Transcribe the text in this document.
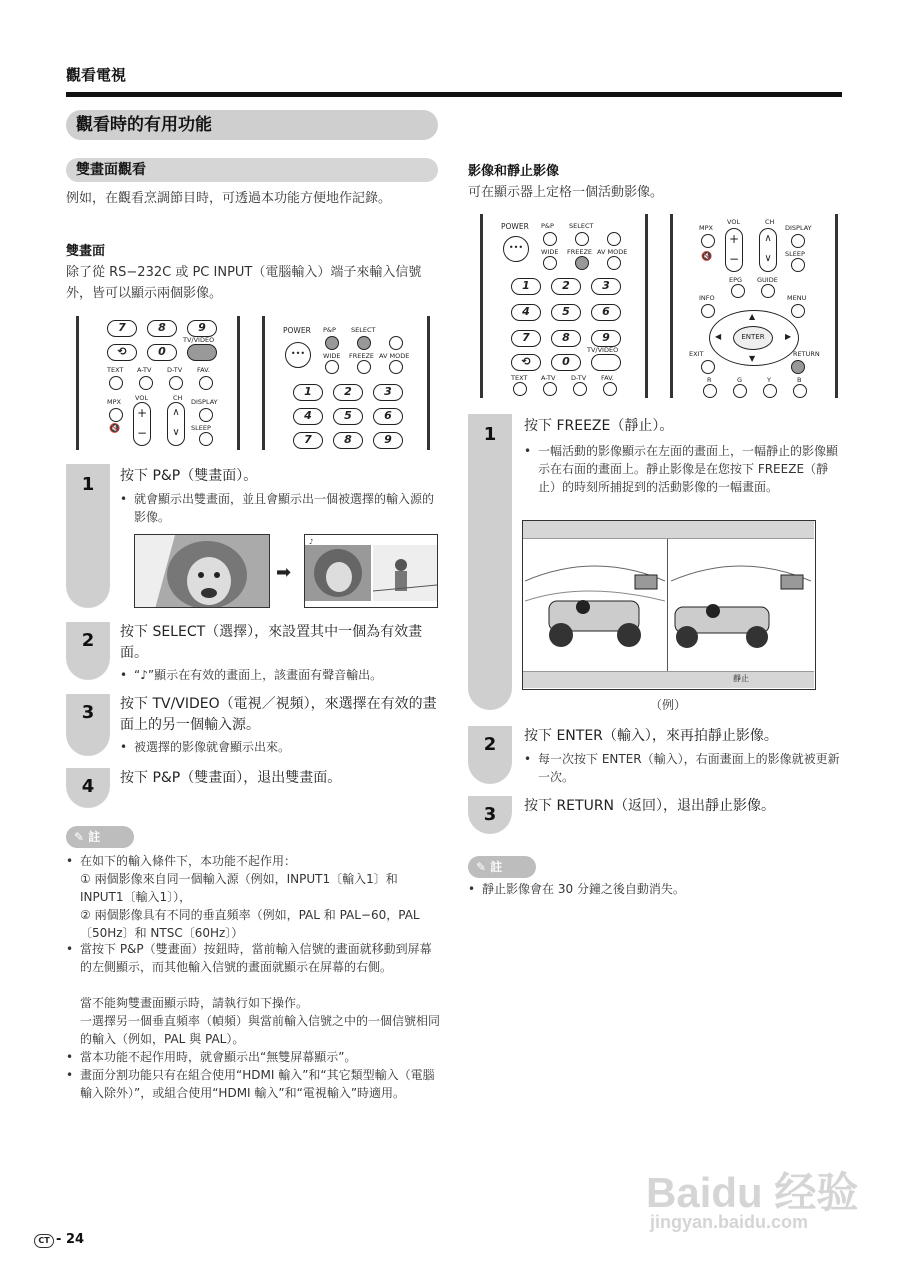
觀看電視
觀看時的有用功能
雙畫面觀看
例如，在觀看烹調節目時，可透過本功能方便地作記錄。
雙畫面
除了從 RS−232C 或 PC INPUT（電腦輸入）端子來輸入信號外，皆可以顯示兩個影像。
7	8	9
⟲	0
TV/VIDEO
TEXT A-TV D-TV FAV.
MPX VOL	CH DISPLAY
+
−
∧
∨
🔇	SLEEP
POWER
•••
P&P SELECT
WIDE FREEZE AV MODE
1	2	3
4	5	6
7	8	9
1	按下 P&P（雙畫面）。
• 就會顯示出雙畫面，並且會顯示出一個被選擇的輸入源的影像。
➡
♪
2	按下 SELECT（選擇），來設置其中一個為有效畫面。
• “♪”顯示在有效的畫面上，該畫面有聲音輸出。
3	按下 TV/VIDEO（電視／視頻），來選擇在有效的畫面上的另一個輸入源。
• 被選擇的影像就會顯示出來。
4	按下 P&P（雙畫面），退出雙畫面。
✎ 註
• 在如下的輸入條件下，本功能不起作用：
① 兩個影像來自同一個輸入源（例如，INPUT1〔輸入1〕和 INPUT1〔輸入1〕），
② 兩個影像具有不同的垂直頻率（例如，PAL 和 PAL−60，PAL〔50Hz〕和 NTSC〔60Hz〕）
• 當按下 P&P（雙畫面）按鈕時，當前輸入信號的畫面就移動到屏幕的左側顯示，而其他輸入信號的畫面就顯示在屏幕的右側。
當不能夠雙畫面顯示時，請執行如下操作。
一選擇另一個垂直頻率（幀頻）與當前輸入信號之中的一個信號相同的輸入（例如，PAL 與 PAL）。
• 當本功能不起作用時，就會顯示出“無雙屏幕顯示”。
• 畫面分割功能只有在組合使用“HDMI 輸入”和“其它類型輸入（電腦輸入除外）”，或組合使用“HDMI 輸入”和“電視輸入”時適用。
影像和靜止影像
可在顯示器上定格一個活動影像。
POWER
•••
P&P SELECT
WIDE FREEZE AV MODE
1	2	3
4	5	6
7	8	9
⟲	0
TV/VIDEO
TEXT A-TV D-TV FAV.
MPX
VOL	CH
DISPLAY
+
−
∧
∨
🔇	SLEEP
EPG GUIDE
INFO	MENU
ENTER
▲
▼
◀	▶
EXIT	RETURN
R	G	Y	B
1	按下 FREEZE（靜止）。
• 一幅活動的影像顯示在左面的畫面上，一幅靜止的影像顯示在右面的畫面上。靜止影像是在您按下 FREEZE（靜止）的時刻所捕捉到的活動影像的一幅畫面。
靜止
（例）
2	按下 ENTER（輸入），來再拍靜止影像。
• 每一次按下 ENTER（輸入），右面畫面上的影像就被更新一次。
3	按下 RETURN（返回），退出靜止影像。
✎ 註
• 靜止影像會在 30 分鐘之後自動消失。
Baidu 经验
jingyan.baidu.com
CT - 24
